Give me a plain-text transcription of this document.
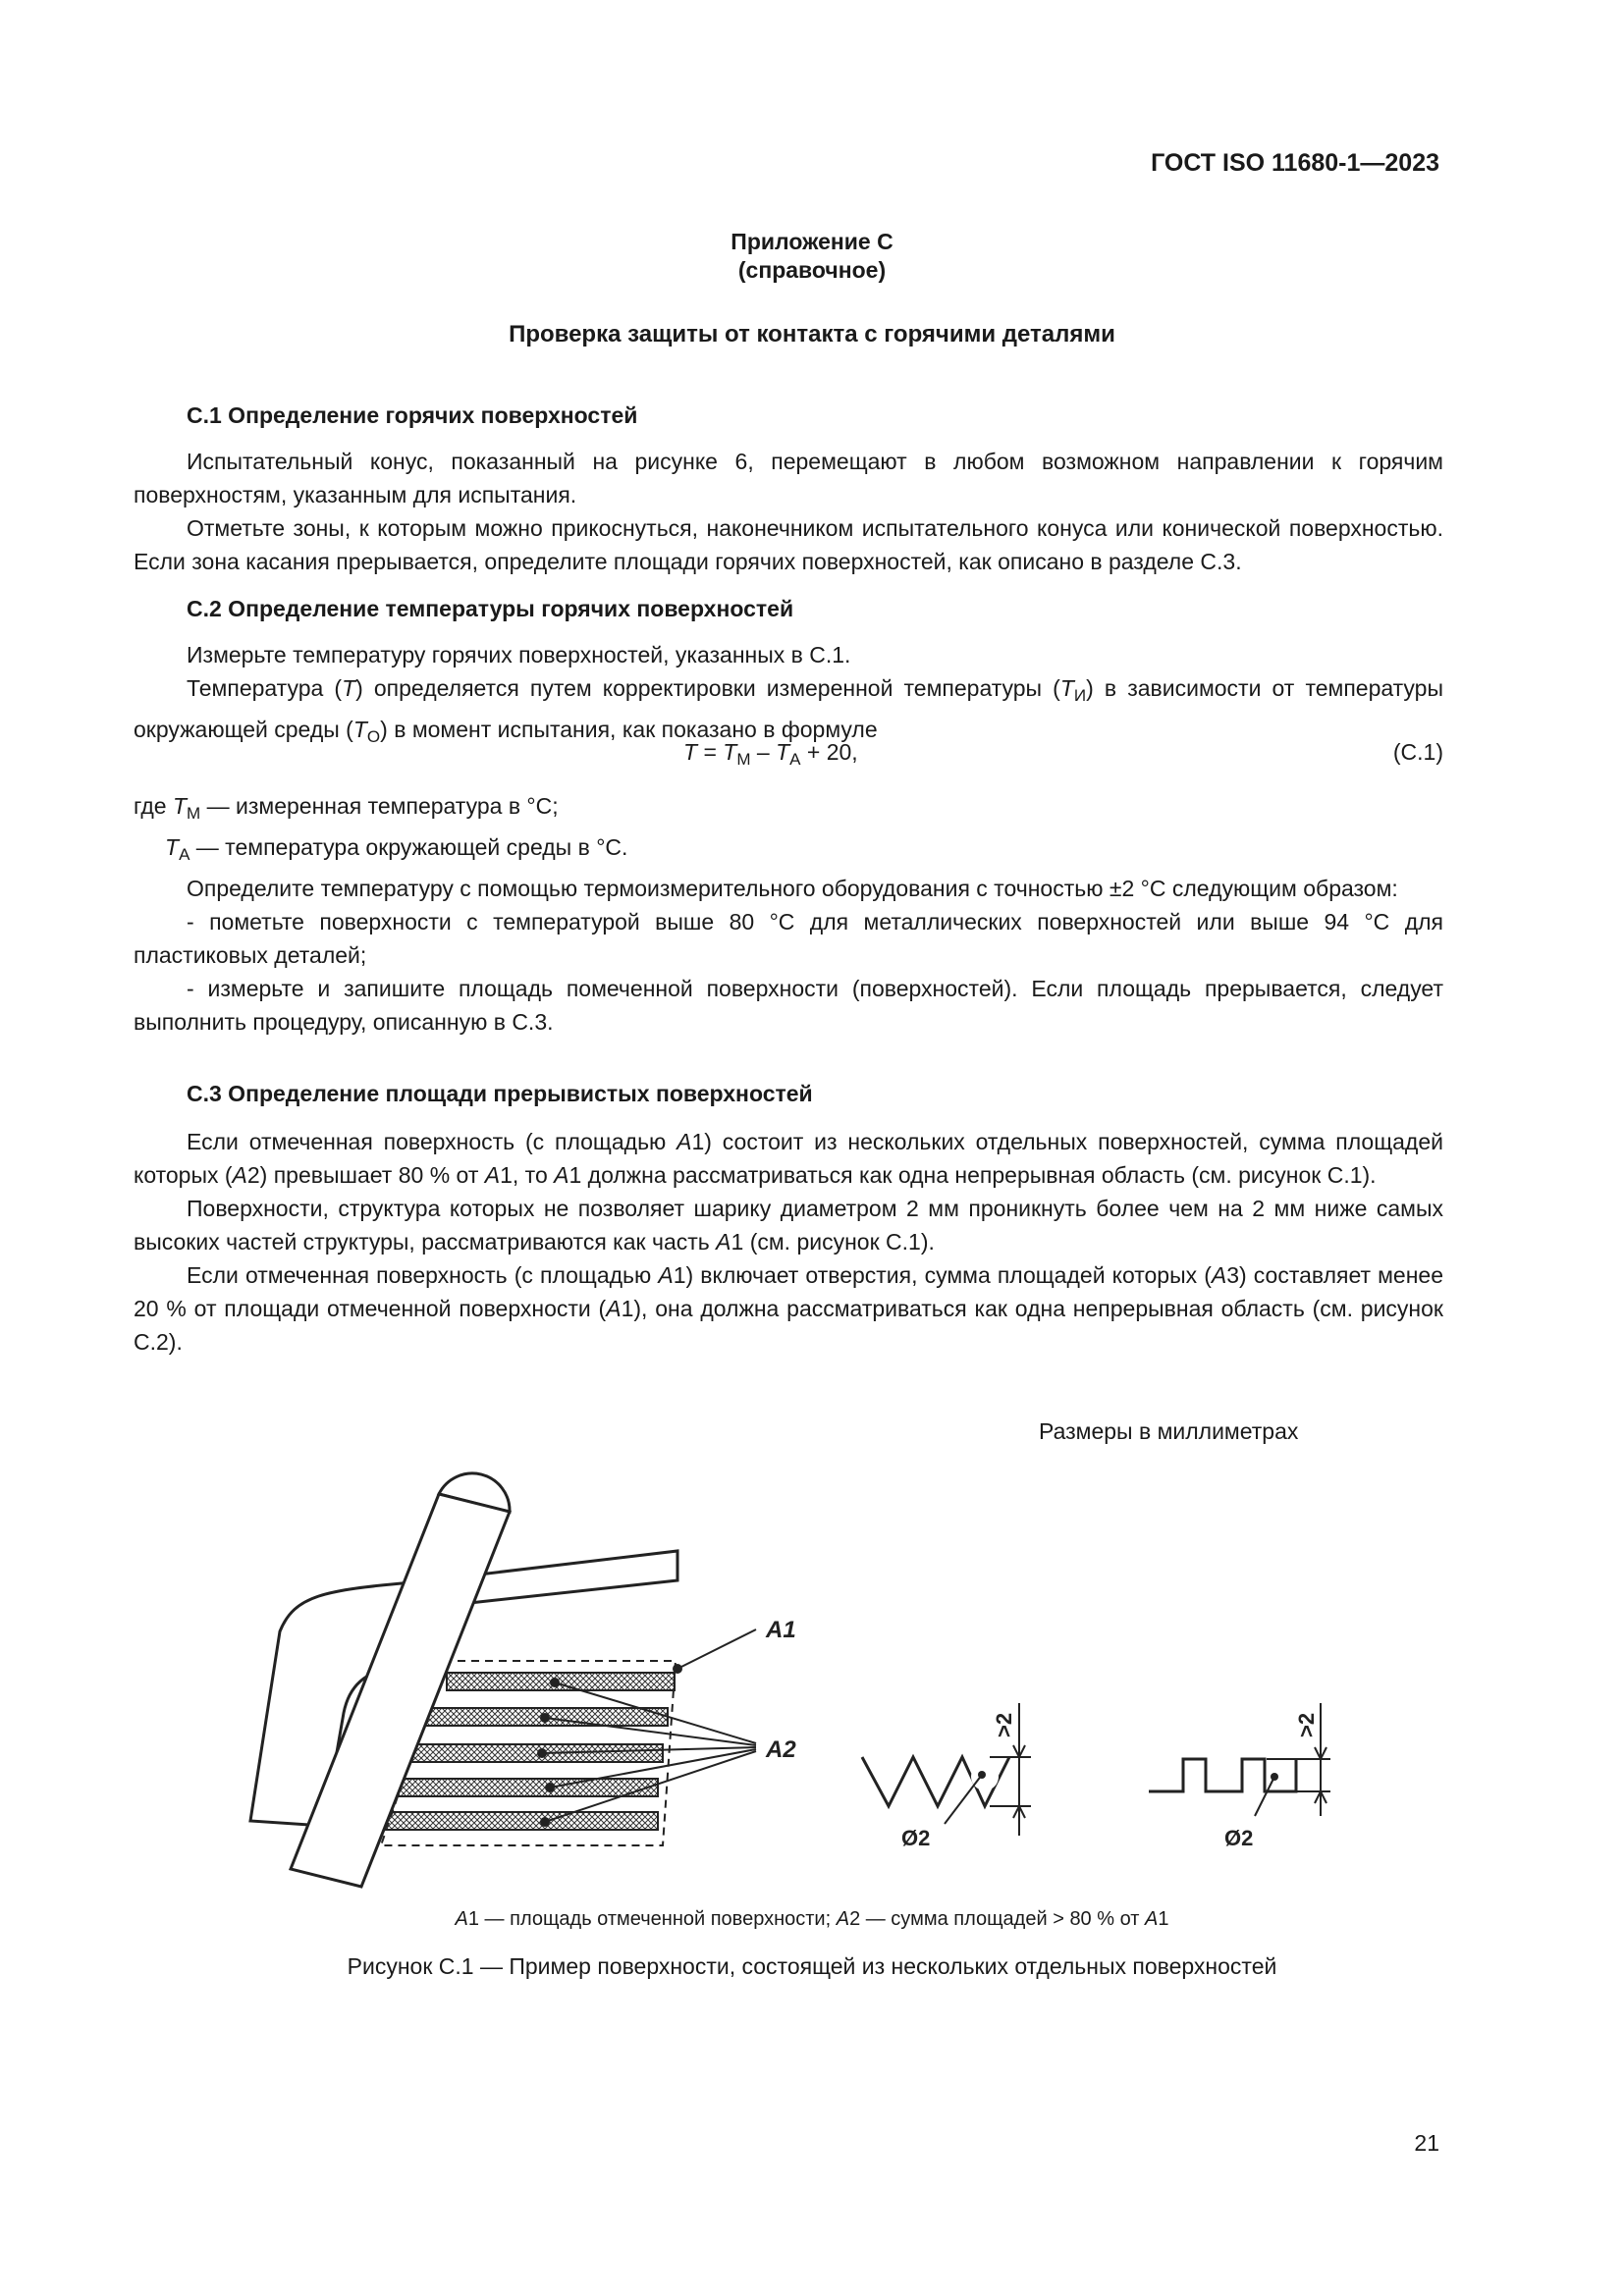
ГОСТ ISO 11680-1—2023
Приложение С
(справочное)
Проверка защиты от контакта с горячими деталями
С.1 Определение горячих поверхностей

Испытательный конус, показанный на рисунке 6, перемещают в любом возможном направлении к горячим поверхностям, указанным для испытания.

Отметьте зоны, к которым можно прикоснуться, наконечником испытательного конуса или конической поверхностью. Если зона касания прерывается, определите площади горячих поверхностей, как описано в разделе С.3.

С.2 Определение температуры горячих поверхностей

Измерьте температуру горячих поверхностей, указанных в С.1.

Температура (T) определяется путем корректировки измеренной температуры $(T_И)$ в зависимости от температуры окружающей среды $(T_О)$ в момент испытания, как показано в формуле

$T = T_M - T_A + 20$,	(С.1)

где $T_M$ — измеренная температура в °С;

$T_A$ — температура окружающей среды в °С.

Определите температуру с помощью термоизмерительного оборудования с точностью ±2 °С следующим образом:

- пометьте поверхности с температурой выше 80 °С для металлических поверхностей или выше 94 °С для пластиковых деталей;

- измерьте и запишите площадь помеченной поверхности (поверхностей). Если площадь прерывается, следует выполнить процедуру, описанную в С.3.

С.3 Определение площади прерывистых поверхностей

Если отмеченная поверхность (с площадью A1) состоит из нескольких отдельных поверхностей, сумма площадей которых (A2) превышает 80 % от A1, то A1 должна рассматриваться как одна непрерывная область (см. рисунок С.1).

Поверхности, структура которых не позволяет шарику диаметром 2 мм проникнуть более чем на 2 мм ниже самых высоких частей структуры, рассматриваются как часть A1 (см. рисунок С.1).

Если отмеченная поверхность (с площадью A1) включает отверстия, сумма площадей которых (A3) составляет менее 20 % от площади отмеченной поверхности (A1), она должна рассматриваться как одна непрерывная область (см. рисунок С.2).

Размеры в миллиметрах
A1
A2
>2
Ø2
>2
Ø2
A1 — площадь отмеченной поверхности; A2 — сумма площадей > 80 % от A1
Рисунок С.1 — Пример поверхности, состоящей из нескольких отдельных поверхностей
21
